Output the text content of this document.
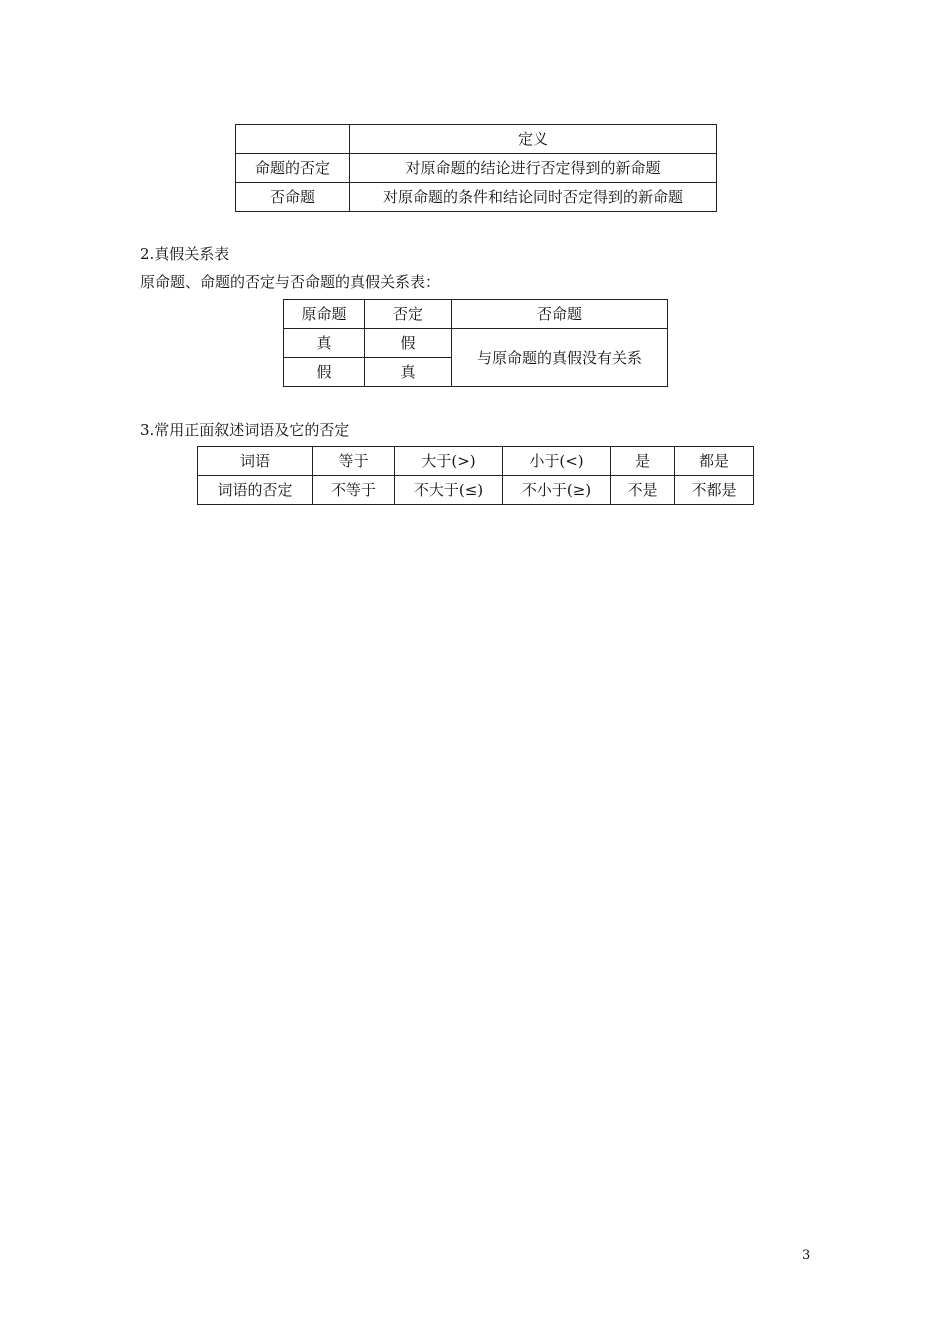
	定义
命题的否定	对原命题的结论进行否定得到的新命题
否命题	对原命题的条件和结论同时否定得到的新命题
2.真假关系表
原命题、命题的否定与否命题的真假关系表：
原命题	否定	否命题
真	假	与原命题的真假没有关系
假	真	
3.常用正面叙述词语及它的否定
词语	等于	大于(>)	小于(<)	是	都是
词语的否定	不等于	不大于(≤)	不小于(≥)	不是	不都是
3
